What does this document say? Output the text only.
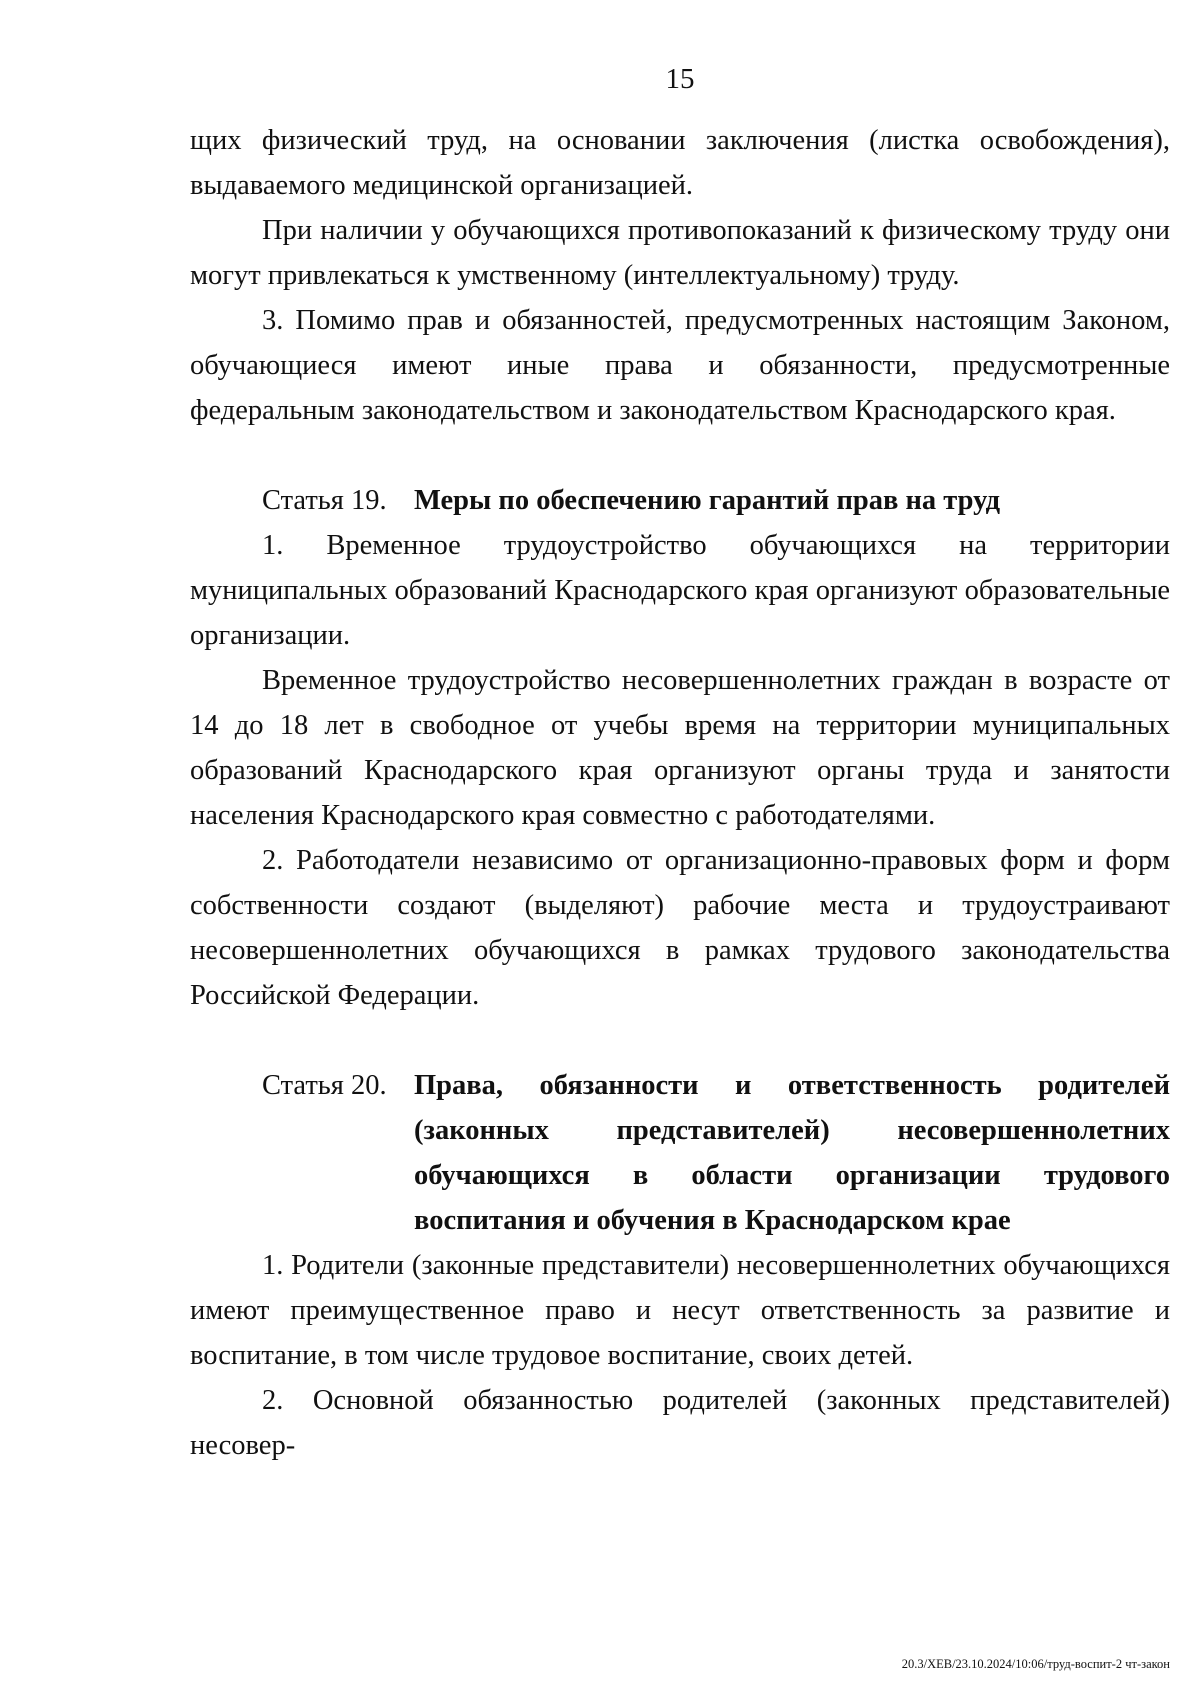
15

щих физический труд, на основании заключения (листка освобождения), выдаваемого медицинской организацией.

При наличии у обучающихся противопоказаний к физическому труду они могут привлекаться к умственному (интеллектуальному) труду.

3. Помимо прав и обязанностей, предусмотренных настоящим Законом, обучающиеся имеют иные права и обязанности, предусмотренные федеральным законодательством и законодательством Краснодарского края.

Статья 19. Меры по обеспечению гарантий прав на труд

1. Временное трудоустройство обучающихся на территории муниципальных образований Краснодарского края организуют образовательные организации.

Временное трудоустройство несовершеннолетних граждан в возрасте от 14 до 18 лет в свободное от учебы время на территории муниципальных образований Краснодарского края организуют органы труда и занятости населения Краснодарского края совместно с работодателями.

2. Работодатели независимо от организационно-правовых форм и форм собственности создают (выделяют) рабочие места и трудоустраивают несовершеннолетних обучающихся в рамках трудового законодательства Российской Федерации.

Статья 20. Права, обязанности и ответственность родителей (законных представителей) несовершеннолетних обучающихся в области организации трудового воспитания и обучения в Краснодарском крае

1. Родители (законные представители) несовершеннолетних обучающихся имеют преимущественное право и несут ответственность за развитие и воспитание, в том числе трудовое воспитание, своих детей.

2. Основной обязанностью родителей (законных представителей) несовер-

20.3/ХЕВ/23.10.2024/10:06/труд-воспит-2 чт-закон
